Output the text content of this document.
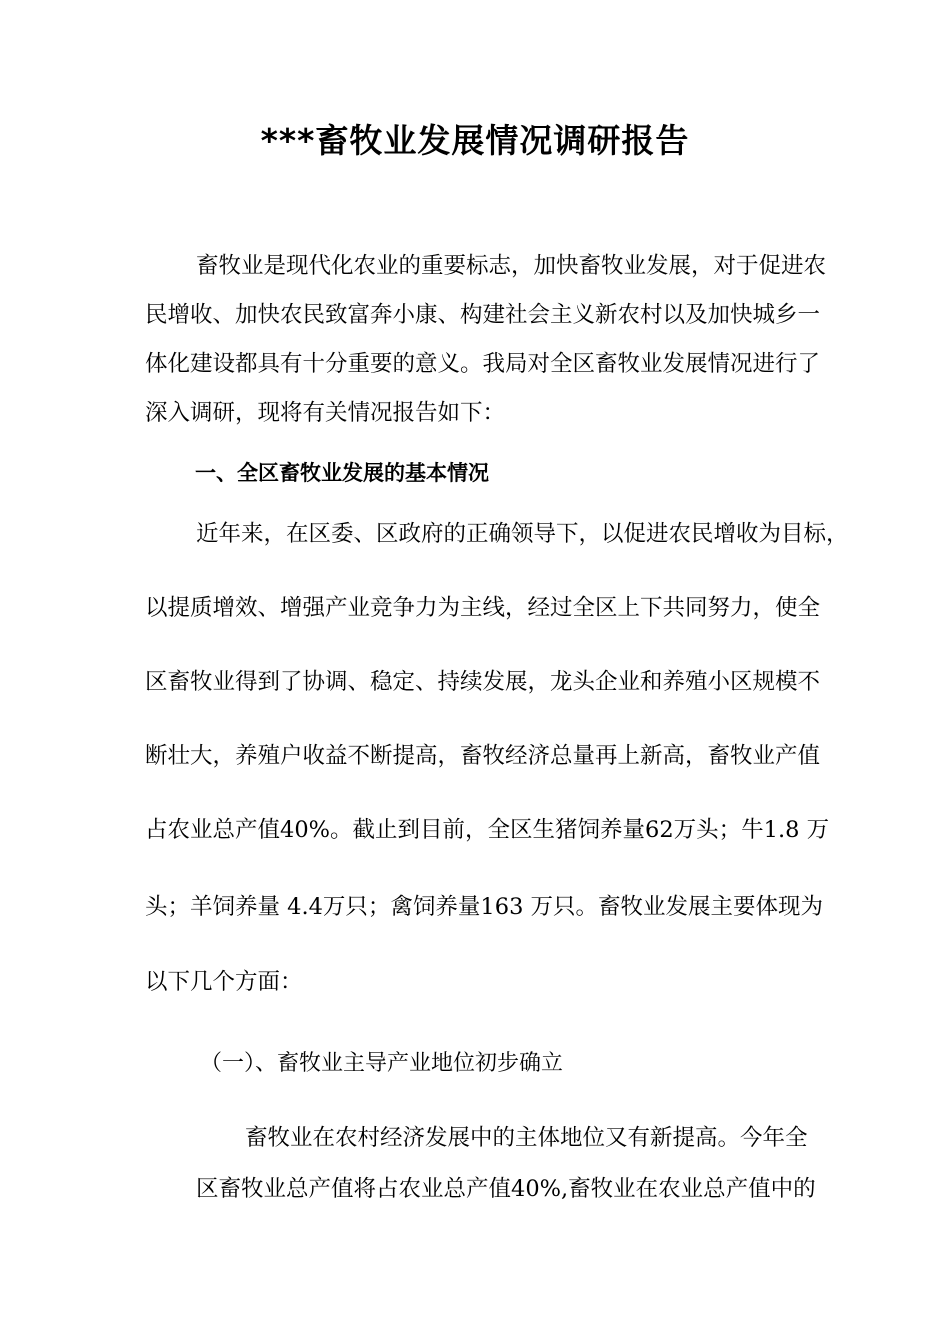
***畜牧业发展情况调研报告
畜牧业是现代化农业的重要标志，加快畜牧业发展，对于促进农
民增收、加快农民致富奔小康、构建社会主义新农村以及加快城乡一
体化建设都具有十分重要的意义。我局对全区畜牧业发展情况进行了
深入调研，现将有关情况报告如下：
一、全区畜牧业发展的基本情况
近年来，在区委、区政府的正确领导下，以促进农民增收为目标，
以提质增效、增强产业竞争力为主线，经过全区上下共同努力，使全
区畜牧业得到了协调、稳定、持续发展，龙头企业和养殖小区规模不
断壮大，养殖户收益不断提高，畜牧经济总量再上新高，畜牧业产值
占农业总产值40%。截止到目前，全区生猪饲养量62万头；牛1.8 万
头；羊饲养量 4.4万只；禽饲养量163 万只。畜牧业发展主要体现为
以下几个方面：
（一）、畜牧业主导产业地位初步确立
畜牧业在农村经济发展中的主体地位又有新提高。今年全
区畜牧业总产值将占农业总产值40%,畜牧业在农业总产值中的
